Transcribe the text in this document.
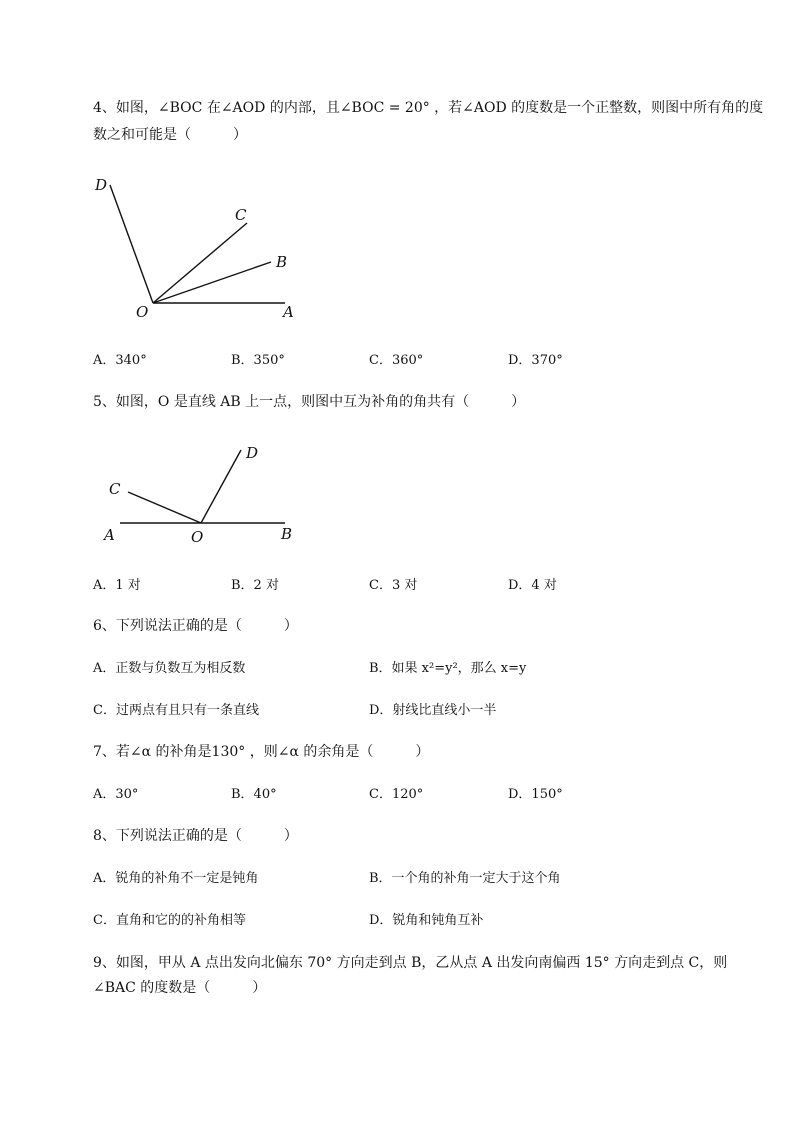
4、如图，∠BOC 在∠AOD 的内部，且∠BOC = 20° ，若∠AOD 的度数是一个正整数，则图中所有角的度
数之和可能是（　　　）
D
C
B
O	A
A．340°	B．350°	C．360°	D．370°
5、如图，O 是直线 AB 上一点，则图中互为补角的角共有（　　　）
D
C
A	O	B
A．1 对	B．2 对	C．3 对	D．4 对
6、下列说法正确的是（　　　）
A．正数与负数互为相反数	B．如果 x²=y²，那么 x=y
C．过两点有且只有一条直线	D．射线比直线小一半
7、若∠α 的补角是130° ，则∠α 的余角是（　　　）
A．30°	B．40°	C．120°	D．150°
8、下列说法正确的是（　　　）
A．锐角的补角不一定是钝角	B．一个角的补角一定大于这个角
C．直角和它的的补角相等	D．锐角和钝角互补
9、如图，甲从 A 点出发向北偏东 70° 方向走到点 B，乙从点 A 出发向南偏西 15° 方向走到点 C，则
∠BAC 的度数是（　　　）
